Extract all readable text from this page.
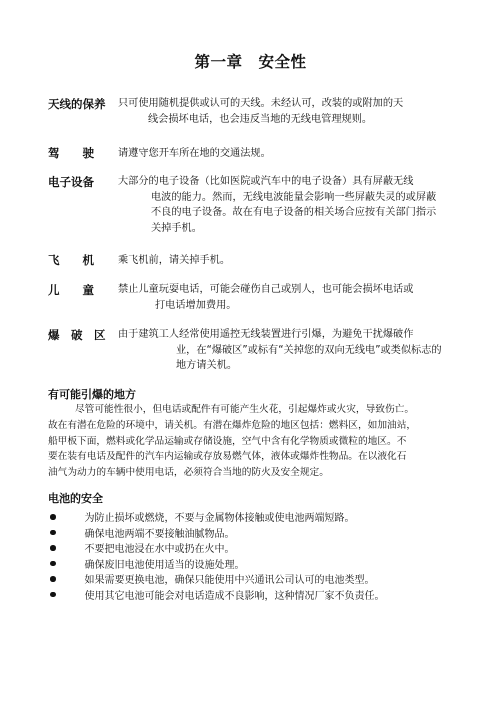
第一章　安全性
天线的保养 只可使用随机提供或认可的天线。未经认可，改装的或附加的天
线会损坏电话，也会违反当地的无线电管理规则。
驾　　驶 请遵守您开车所在地的交通法规。
电子设备 大部分的电子设备（比如医院或汽车中的电子设备）具有屏蔽无线
电波的能力。然而，无线电波能量会影响一些屏蔽失灵的或屏蔽
不良的电子设备。故在有电子设备的相关场合应按有关部门指示
关掉手机。
飞　　机 乘飞机前，请关掉手机。
儿　　童 禁止儿童玩耍电话，可能会碰伤自己或别人，也可能会损坏电话或
打电话增加费用。
爆　破　区 由于建筑工人经常使用遥控无线装置进行引爆，为避免干扰爆破作
业，在“爆破区”或标有“关掉您的双向无线电”或类似标志的
地方请关机。
有可能引爆的地方
尽管可能性很小，但电话或配件有可能产生火花，引起爆炸或火灾，导致伤亡。
故在有潜在危险的环境中，请关机。有潜在爆炸危险的地区包括：燃料区，如加油站，
船甲板下面，燃料或化学品运输或存储设施，空气中含有化学物质或微粒的地区。不
要在装有电话及配件的汽车内运输或存放易燃气体，液体或爆炸性物品。在以液化石
油气为动力的车辆中使用电话，必须符合当地的防火及安全规定。
电池的安全
为防止损坏或燃烧，不要与金属物体接触或使电池两端短路。
确保电池两端不要接触油腻物品。
不要把电池浸在水中或扔在火中。
确保废旧电池使用适当的设施处理。
如果需要更换电池，确保只能使用中兴通讯公司认可的电池类型。
使用其它电池可能会对电话造成不良影响，这种情况厂家不负责任。
